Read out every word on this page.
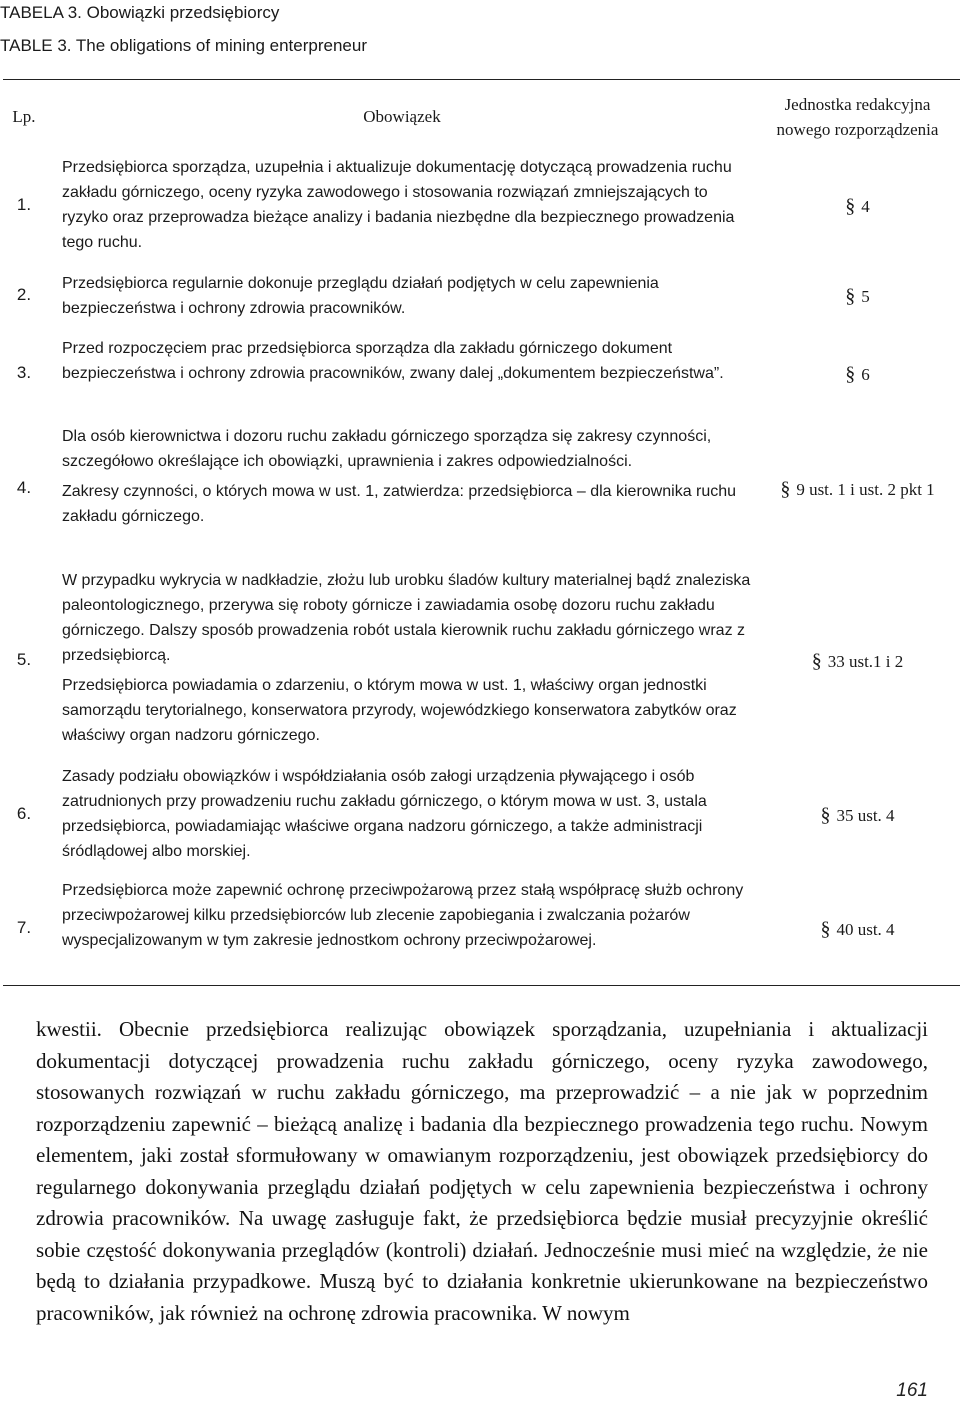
TABELA 3. Obowiązki przedsiębiorcy
TABLE 3. The obligations of mining enterpreneur
Lp.	Obowiązek
Jednostka redakcyjna
nowego rozporządzenia
1.

Przedsiębiorca sporządza, uzupełnia i aktualizuje dokumentację dotyczącą prowadzenia ruchu zakładu górniczego, oceny ryzyka zawodowego i stosowania rozwiązań zmniejszających to ryzyko oraz przeprowadza bieżące analizy i badania niezbędne dla bezpiecznego prowadzenia tego ruchu.

§ 4
2.

Przedsiębiorca regularnie dokonuje przeglądu działań podjętych w celu zapewnienia bezpieczeństwa i ochrony zdrowia pracowników.

§ 5
3.

Przed rozpoczęciem prac przedsiębiorca sporządza dla zakładu górniczego dokument bezpieczeństwa i ochrony zdrowia pracowników, zwany dalej „dokumentem bezpieczeństwa”.	§ 6
4.

Dla osób kierownictwa i dozoru ruchu zakładu górniczego sporządza się zakresy czynności, szczegółowo określające ich obowiązki, uprawnienia i zakres odpowiedzialności.

Zakresy czynności, o których mowa w ust. 1, zatwierdza: przedsiębiorca – dla kierownika ruchu zakładu górniczego.

§ 9 ust. 1 i ust. 2 pkt 1
5.

W przypadku wykrycia w nadkładzie, złożu lub urobku śladów kultury materialnej bądź znaleziska paleontologicznego, przerywa się roboty górnicze i zawiadamia osobę dozoru ruchu zakładu górniczego. Dalszy sposób prowadzenia robót ustala kierownik ruchu zakładu górniczego wraz z przedsiębiorcą.

Przedsiębiorca powiadamia o zdarzeniu, o którym mowa w ust. 1, właściwy organ jednostki samorządu terytorialnego, konserwatora przyrody, wojewódzkiego konserwatora zabytków oraz właściwy organ nadzoru górniczego.

§ 33 ust.1 i 2
6.

Zasady podziału obowiązków i współdziałania osób załogi urządzenia pływającego i osób zatrudnionych przy prowadzeniu ruchu zakładu górniczego, o którym mowa w ust. 3, ustala przedsiębiorca, powiadamiając właściwe organa nadzoru górniczego, a także administracji śródlądowej albo morskiej.

§ 35 ust. 4
7.

Przedsiębiorca może zapewnić ochronę przeciwpożarową przez stałą współpracę służb ochrony przeciwpożarowej kilku przedsiębiorców lub zlecenie zapobiegania i zwalczania pożarów wyspecjalizowanym w tym zakresie jednostkom ochrony przeciwpożarowej.

§ 40 ust. 4

kwestii. Obecnie przedsiębiorca realizując obowiązek sporządzania, uzupełniania i aktualizacji dokumentacji dotyczącej prowadzenia ruchu zakładu górniczego, oceny ryzyka zawodowego, stosowanych rozwiązań w ruchu zakładu górniczego, ma przeprowadzić – a nie jak w poprzednim rozporządzeniu zapewnić – bieżącą analizę i badania dla bezpiecznego prowadzenia tego ruchu. Nowym elementem, jaki został sformułowany w omawianym rozporządzeniu, jest obowiązek przedsiębiorcy do regularnego dokonywania przeglądu działań podjętych w celu zapewnienia bezpieczeństwa i ochrony zdrowia pracowników. Na uwagę zasługuje fakt, że przedsiębiorca będzie musiał precyzyjnie określić sobie częstość dokonywania przeglądów (kontroli) działań. Jednocześnie musi mieć na względzie, że nie będą to działania przypadkowe. Muszą być to działania konkretnie ukierunkowane na bezpieczeństwo pracowników, jak również na ochronę zdrowia pracownika. W nowym

161
